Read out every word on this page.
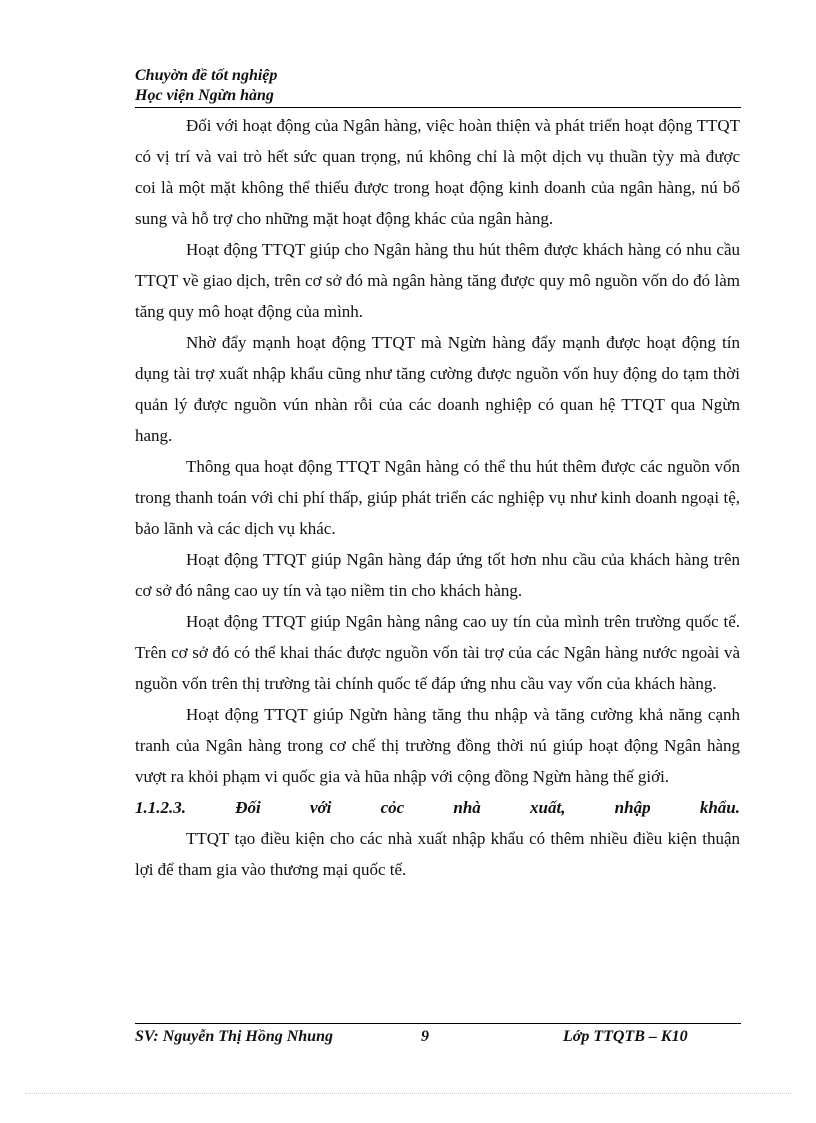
Chuyờn đề tốt nghiệp
Học viện Ngừn hàng

Đối với hoạt động của Ngân hàng, việc hoàn thiện và phát triển hoạt động TTQT có vị trí và vai trò hết sức quan trọng, nú không chỉ là một dịch vụ thuần tỳy mà được coi là một mặt không thể thiếu được trong hoạt động kinh doanh của ngân hàng, nú bổ sung và hỗ trợ cho những mặt hoạt động khác của ngân hàng.

Hoạt động TTQT giúp cho Ngân hàng thu hút thêm được khách hàng có nhu cầu TTQT về giao dịch, trên cơ sở đó mà ngân hàng tăng được quy mô nguồn vốn do đó làm tăng quy mô hoạt động của mình.

Nhờ đẩy mạnh hoạt động TTQT mà Ngừn hàng đẩy mạnh được hoạt động tín dụng tài trợ xuất nhập khẩu cũng như tăng cường được nguồn vốn huy động do tạm thời quản lý được nguồn vún nhàn rỗi của các doanh nghiệp có quan hệ TTQT qua Ngừn hang.

Thông qua hoạt động TTQT Ngân hàng có thể thu hút thêm được các nguồn vốn trong thanh toán với chi phí thấp, giúp phát triển các nghiệp vụ như kinh doanh ngoại tệ, bảo lãnh và các dịch vụ khác.

Hoạt động TTQT giúp Ngân hàng đáp ứng tốt hơn nhu cầu của khách hàng trên cơ sở đó nâng cao uy tín và tạo niềm tin cho khách hàng.

Hoạt động TTQT giúp Ngân hàng nâng cao uy tín của mình trên trường quốc tế. Trên cơ sở đó có thể khai thác được nguồn vốn tài trợ của các Ngân hàng nước ngoài và nguồn vốn trên thị trường tài chính quốc tế đáp ứng nhu cầu vay vốn của khách hàng.

Hoạt động TTQT giúp Ngừn hàng tăng thu nhập và tăng cường khả năng cạnh tranh của Ngân hàng trong cơ chế thị trường đồng thời nú giúp hoạt động Ngân hàng vượt ra khỏi phạm vi quốc gia và hũa nhập với cộng đồng Ngừn hàng thế giới.

1.1.2.3.	Đối	với	cỏc	nhà	xuất,	nhập	khẩu.

TTQT tạo điều kiện cho các nhà xuất nhập khẩu có thêm nhiều điều kiện thuận lợi để tham gia vào thương mại quốc tế.

SV: Nguyễn Thị Hồng Nhung	9	Lớp TTQTB – K10
